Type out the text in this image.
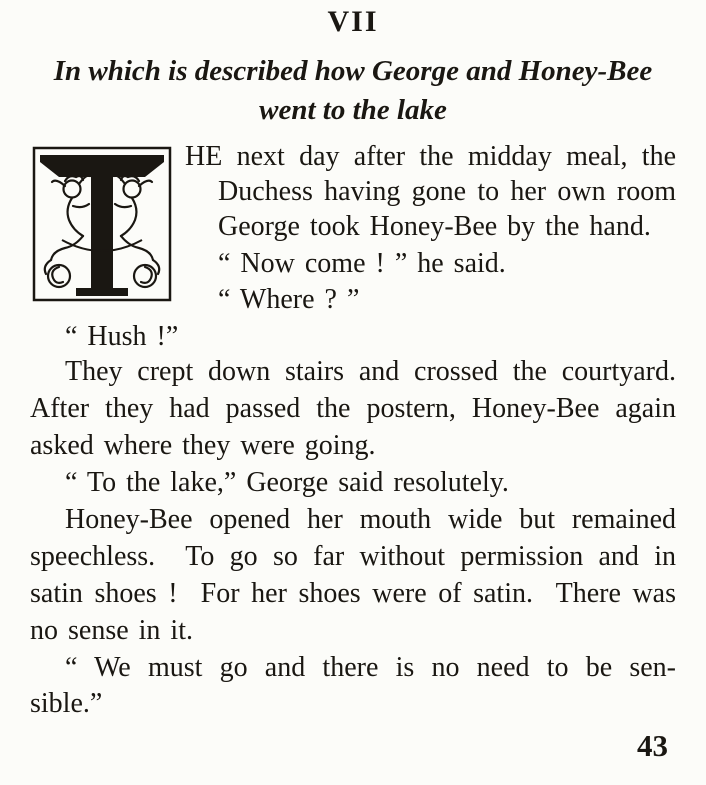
VII
In which is described how George and Honey-Bee
went to the lake
HE next day after the midday meal, the
Duchess having gone to her own room
George took Honey-Bee by the hand.
“ Now come ! ” he said.
“ Where ? ”
“ Hush !”
They crept down stairs and crossed the courtyard.
After they had passed the postern, Honey-Bee again
asked where they were going.
“ To the lake,” George said resolutely.
Honey-Bee opened her mouth wide but remained
speechless.  To go so far without permission and in
satin shoes !  For her shoes were of satin.  There was
no sense in it.
“ We must go and there is no need to be sen-
sible.”
43
